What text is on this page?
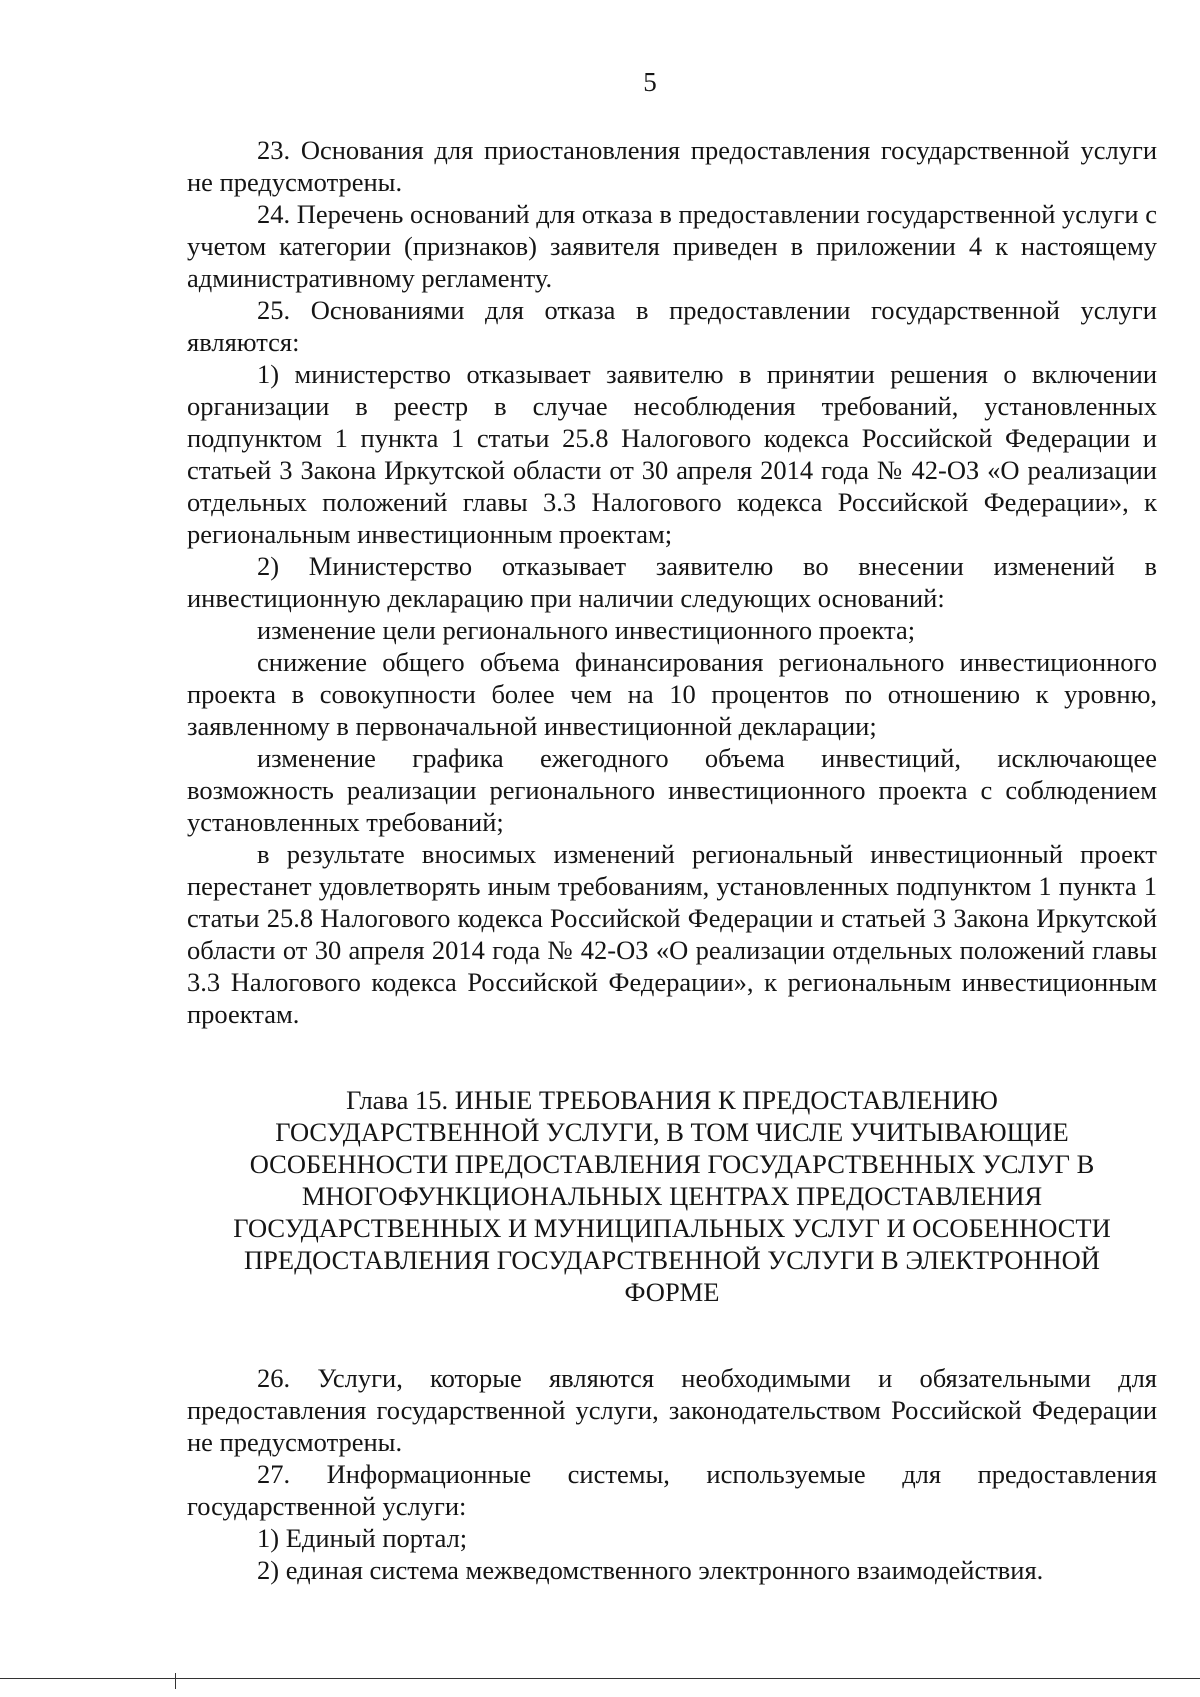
5

23. Основания для приостановления предоставления государственной услуги не предусмотрены.

24. Перечень оснований для отказа в предоставлении государственной услуги с учетом категории (признаков) заявителя приведен в приложении 4 к настоящему административному регламенту.

25. Основаниями для отказа в предоставлении государственной услуги являются:

1) министерство отказывает заявителю в принятии решения о включении организации в реестр в случае несоблюдения требований, установленных подпунктом 1 пункта 1 статьи 25.8 Налогового кодекса Российской Федерации и статьей 3 Закона Иркутской области от 30 апреля 2014 года № 42-ОЗ «О реализации отдельных положений главы 3.3 Налогового кодекса Российской Федерации», к региональным инвестиционным проектам;

2) Министерство отказывает заявителю во внесении изменений в инвестиционную декларацию при наличии следующих оснований:

изменение цели регионального инвестиционного проекта;

снижение общего объема финансирования регионального инвестиционного проекта в совокупности более чем на 10 процентов по отношению к уровню, заявленному в первоначальной инвестиционной декларации;

изменение графика ежегодного объема инвестиций, исключающее возможность реализации регионального инвестиционного проекта с соблюдением установленных требований;

в результате вносимых изменений региональный инвестиционный проект перестанет удовлетворять иным требованиям, установленных подпунктом 1 пункта 1 статьи 25.8 Налогового кодекса Российской Федерации и статьей 3 Закона Иркутской области от 30 апреля 2014 года № 42-ОЗ «О реализации отдельных положений главы 3.3 Налогового кодекса Российской Федерации», к региональным инвестиционным проектам.

Глава 15. ИНЫЕ ТРЕБОВАНИЯ К ПРЕДОСТАВЛЕНИЮ
ГОСУДАРСТВЕННОЙ УСЛУГИ, В ТОМ ЧИСЛЕ УЧИТЫВАЮЩИЕ
ОСОБЕННОСТИ ПРЕДОСТАВЛЕНИЯ ГОСУДАРСТВЕННЫХ УСЛУГ В
МНОГОФУНКЦИОНАЛЬНЫХ ЦЕНТРАХ ПРЕДОСТАВЛЕНИЯ
ГОСУДАРСТВЕННЫХ И МУНИЦИПАЛЬНЫХ УСЛУГ И ОСОБЕННОСТИ
ПРЕДОСТАВЛЕНИЯ ГОСУДАРСТВЕННОЙ УСЛУГИ В ЭЛЕКТРОННОЙ
ФОРМЕ

26. Услуги, которые являются необходимыми и обязательными для предоставления государственной услуги, законодательством Российской Федерации не предусмотрены.

27. Информационные системы, используемые для предоставления государственной услуги:

1) Единый портал;

2) единая система межведомственного электронного взаимодействия.
